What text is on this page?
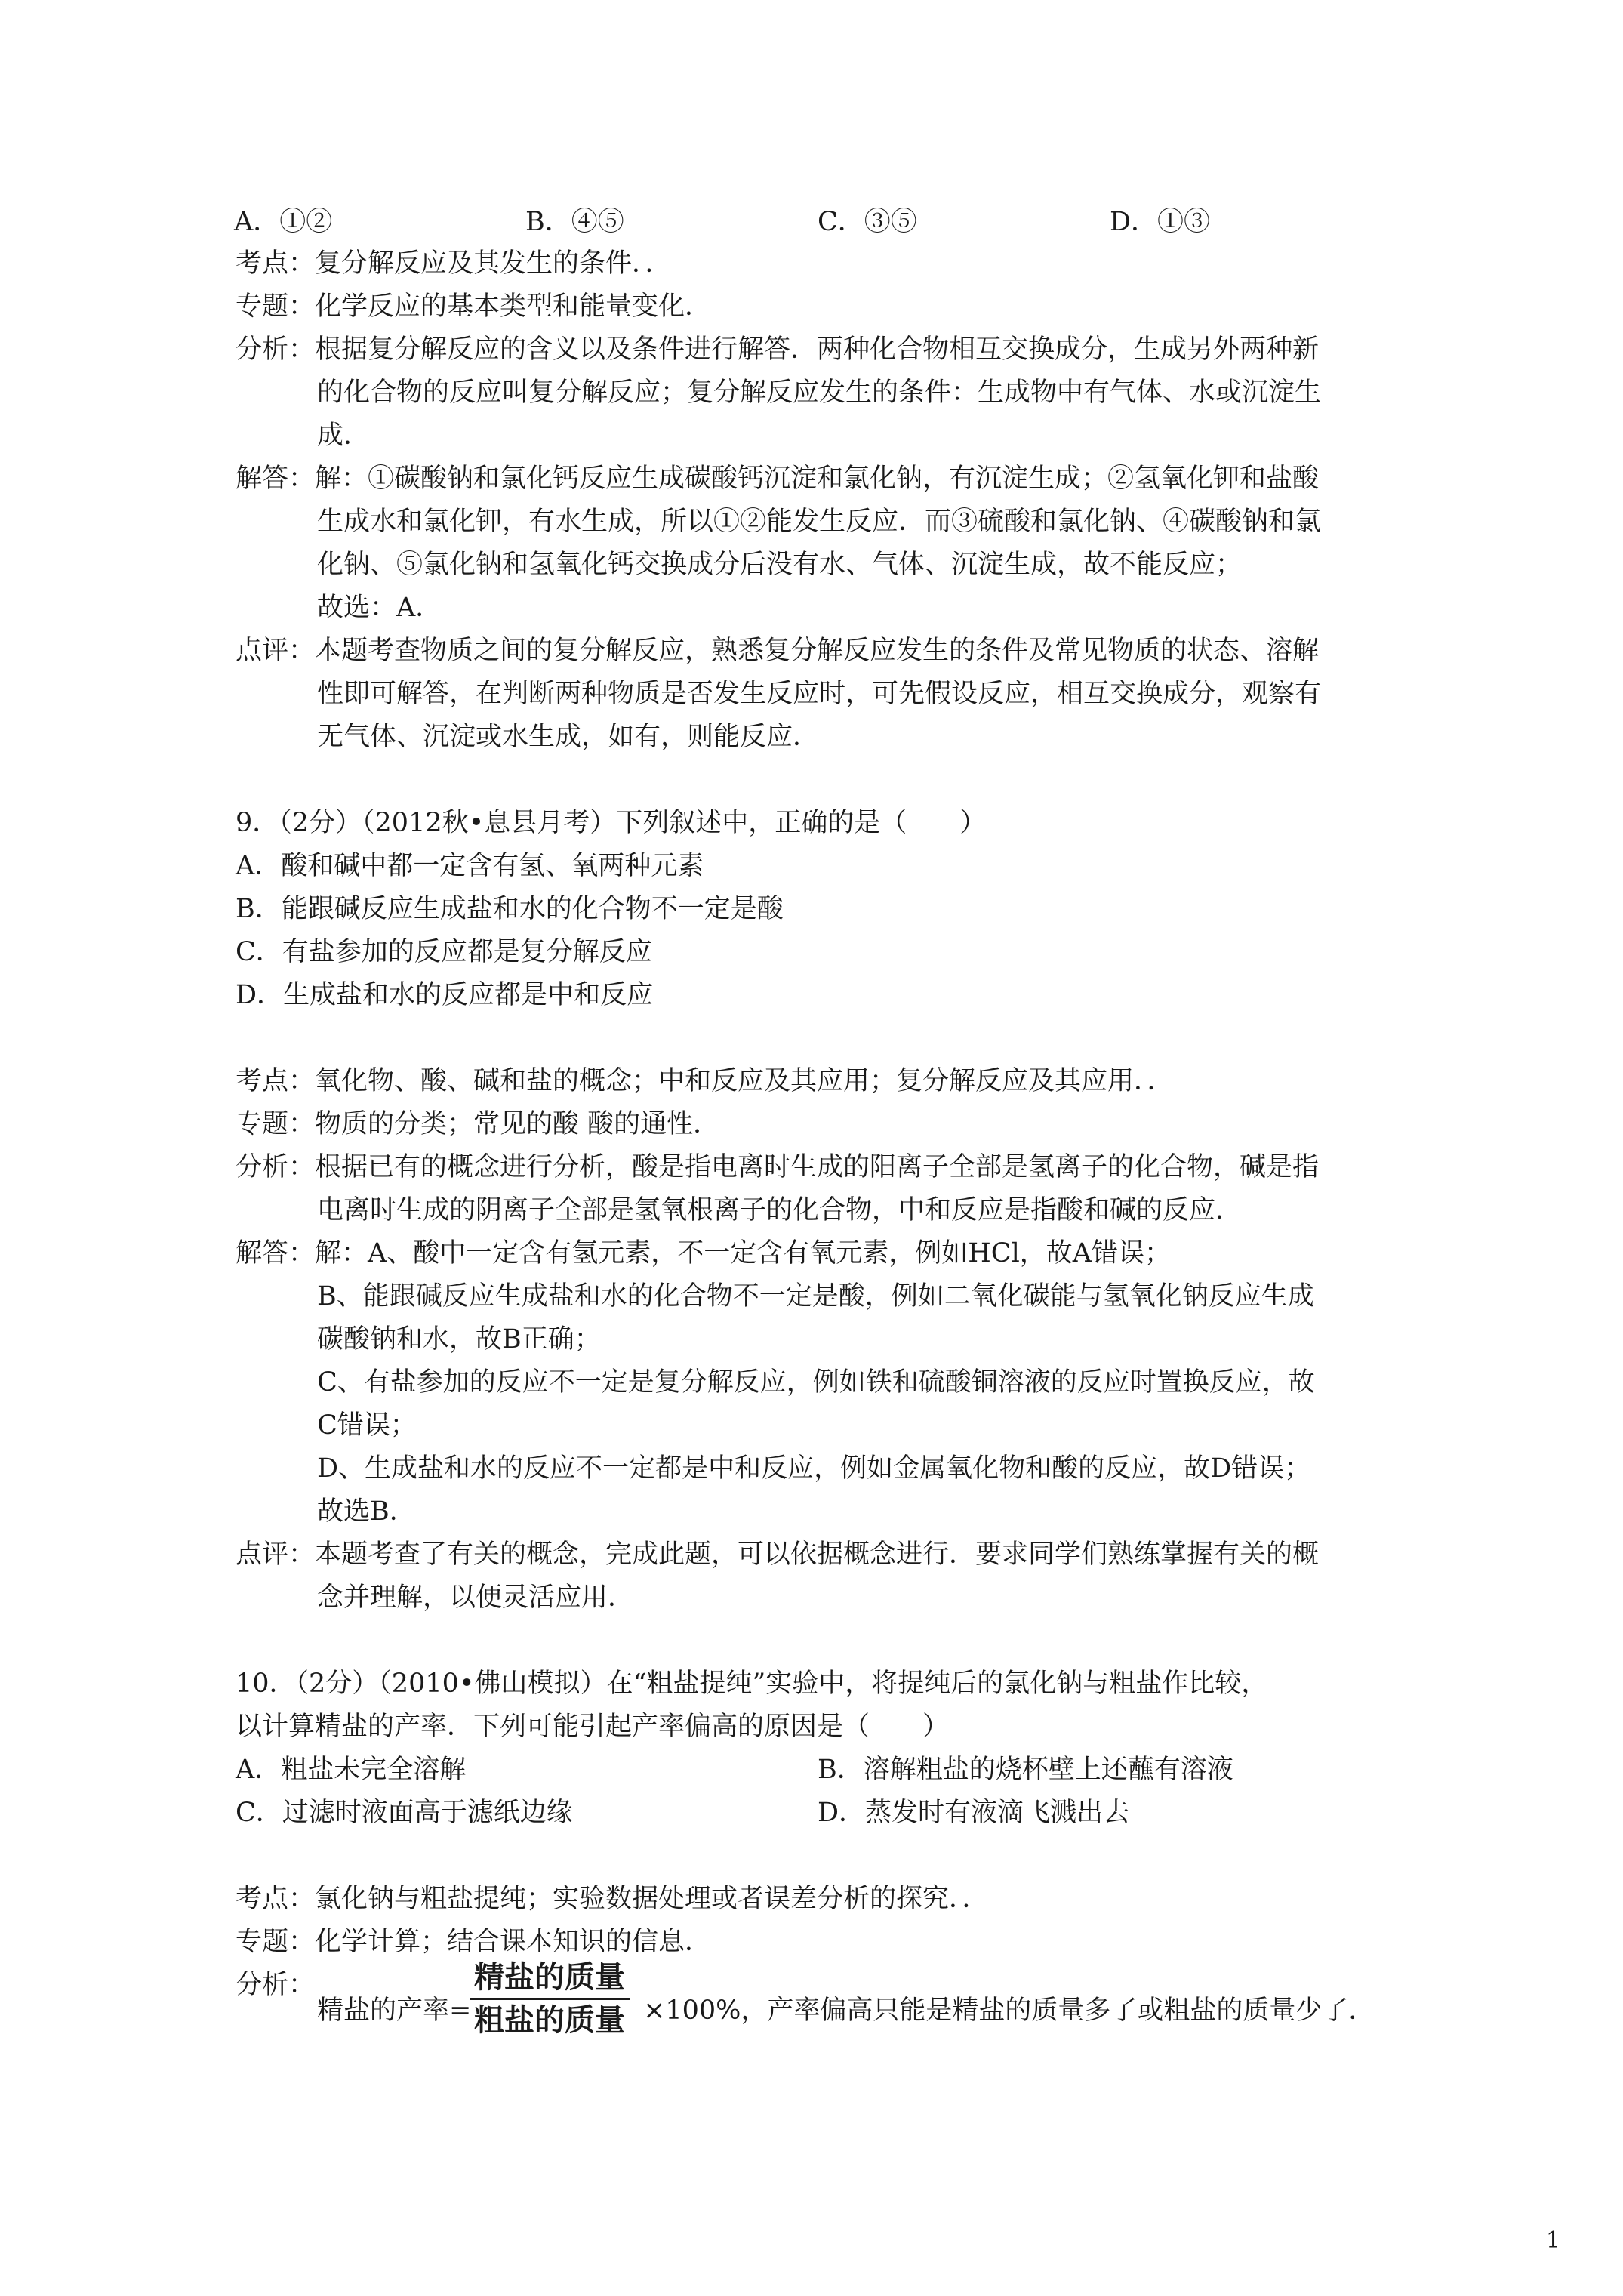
A．①②	B．④⑤	C．③⑤	D．①③
考点：复分解反应及其发生的条件．．
专题：化学反应的基本类型和能量变化．
分析：根据复分解反应的含义以及条件进行解答．两种化合物相互交换成分，生成另外两种新
的化合物的反应叫复分解反应；复分解反应发生的条件：生成物中有气体、水或沉淀生
成．
解答：解：①碳酸钠和氯化钙反应生成碳酸钙沉淀和氯化钠，有沉淀生成；②氢氧化钾和盐酸
生成水和氯化钾，有水生成，所以①②能发生反应．而③硫酸和氯化钠、④碳酸钠和氯
化钠、⑤氯化钠和氢氧化钙交换成分后没有水、气体、沉淀生成，故不能反应；
故选：A．
点评：本题考查物质之间的复分解反应，熟悉复分解反应发生的条件及常见物质的状态、溶解
性即可解答，在判断两种物质是否发生反应时，可先假设反应，相互交换成分，观察有
无气体、沉淀或水生成，如有，则能反应．
9．（2分）（2012秋•息县月考）下列叙述中，正确的是（　　）
A．酸和碱中都一定含有氢、氧两种元素
B．能跟碱反应生成盐和水的化合物不一定是酸
C．有盐参加的反应都是复分解反应
D．生成盐和水的反应都是中和反应
考点：氧化物、酸、碱和盐的概念；中和反应及其应用；复分解反应及其应用．．
专题：物质的分类；常见的酸 酸的通性．
分析：根据已有的概念进行分析，酸是指电离时生成的阳离子全部是氢离子的化合物，碱是指
电离时生成的阴离子全部是氢氧根离子的化合物，中和反应是指酸和碱的反应．
解答：解：A、酸中一定含有氢元素，不一定含有氧元素，例如HCl，故A错误；
B、能跟碱反应生成盐和水的化合物不一定是酸，例如二氧化碳能与氢氧化钠反应生成
碳酸钠和水，故B正确；
C、有盐参加的反应不一定是复分解反应，例如铁和硫酸铜溶液的反应时置换反应，故
C错误；
D、生成盐和水的反应不一定都是中和反应，例如金属氧化物和酸的反应，故D错误；
故选B．
点评：本题考查了有关的概念，完成此题，可以依据概念进行．要求同学们熟练掌握有关的概
念并理解，以便灵活应用．
10．（2分）（2010•佛山模拟）在“粗盐提纯”实验中，将提纯后的氯化钠与粗盐作比较，
以计算精盐的产率．下列可能引起产率偏高的原因是（　　）
A．粗盐未完全溶解	B．溶解粗盐的烧杯壁上还蘸有溶液
C．过滤时液面高于滤纸边缘	D．蒸发时有液滴飞溅出去
考点：氯化钠与粗盐提纯；实验数据处理或者误差分析的探究．．
专题：化学计算；结合课本知识的信息．
分析：
精盐的产率=
精盐的质量
粗盐的质量 ×100%，产率偏高只能是精盐的质量多了或粗盐的质量少了．
1
